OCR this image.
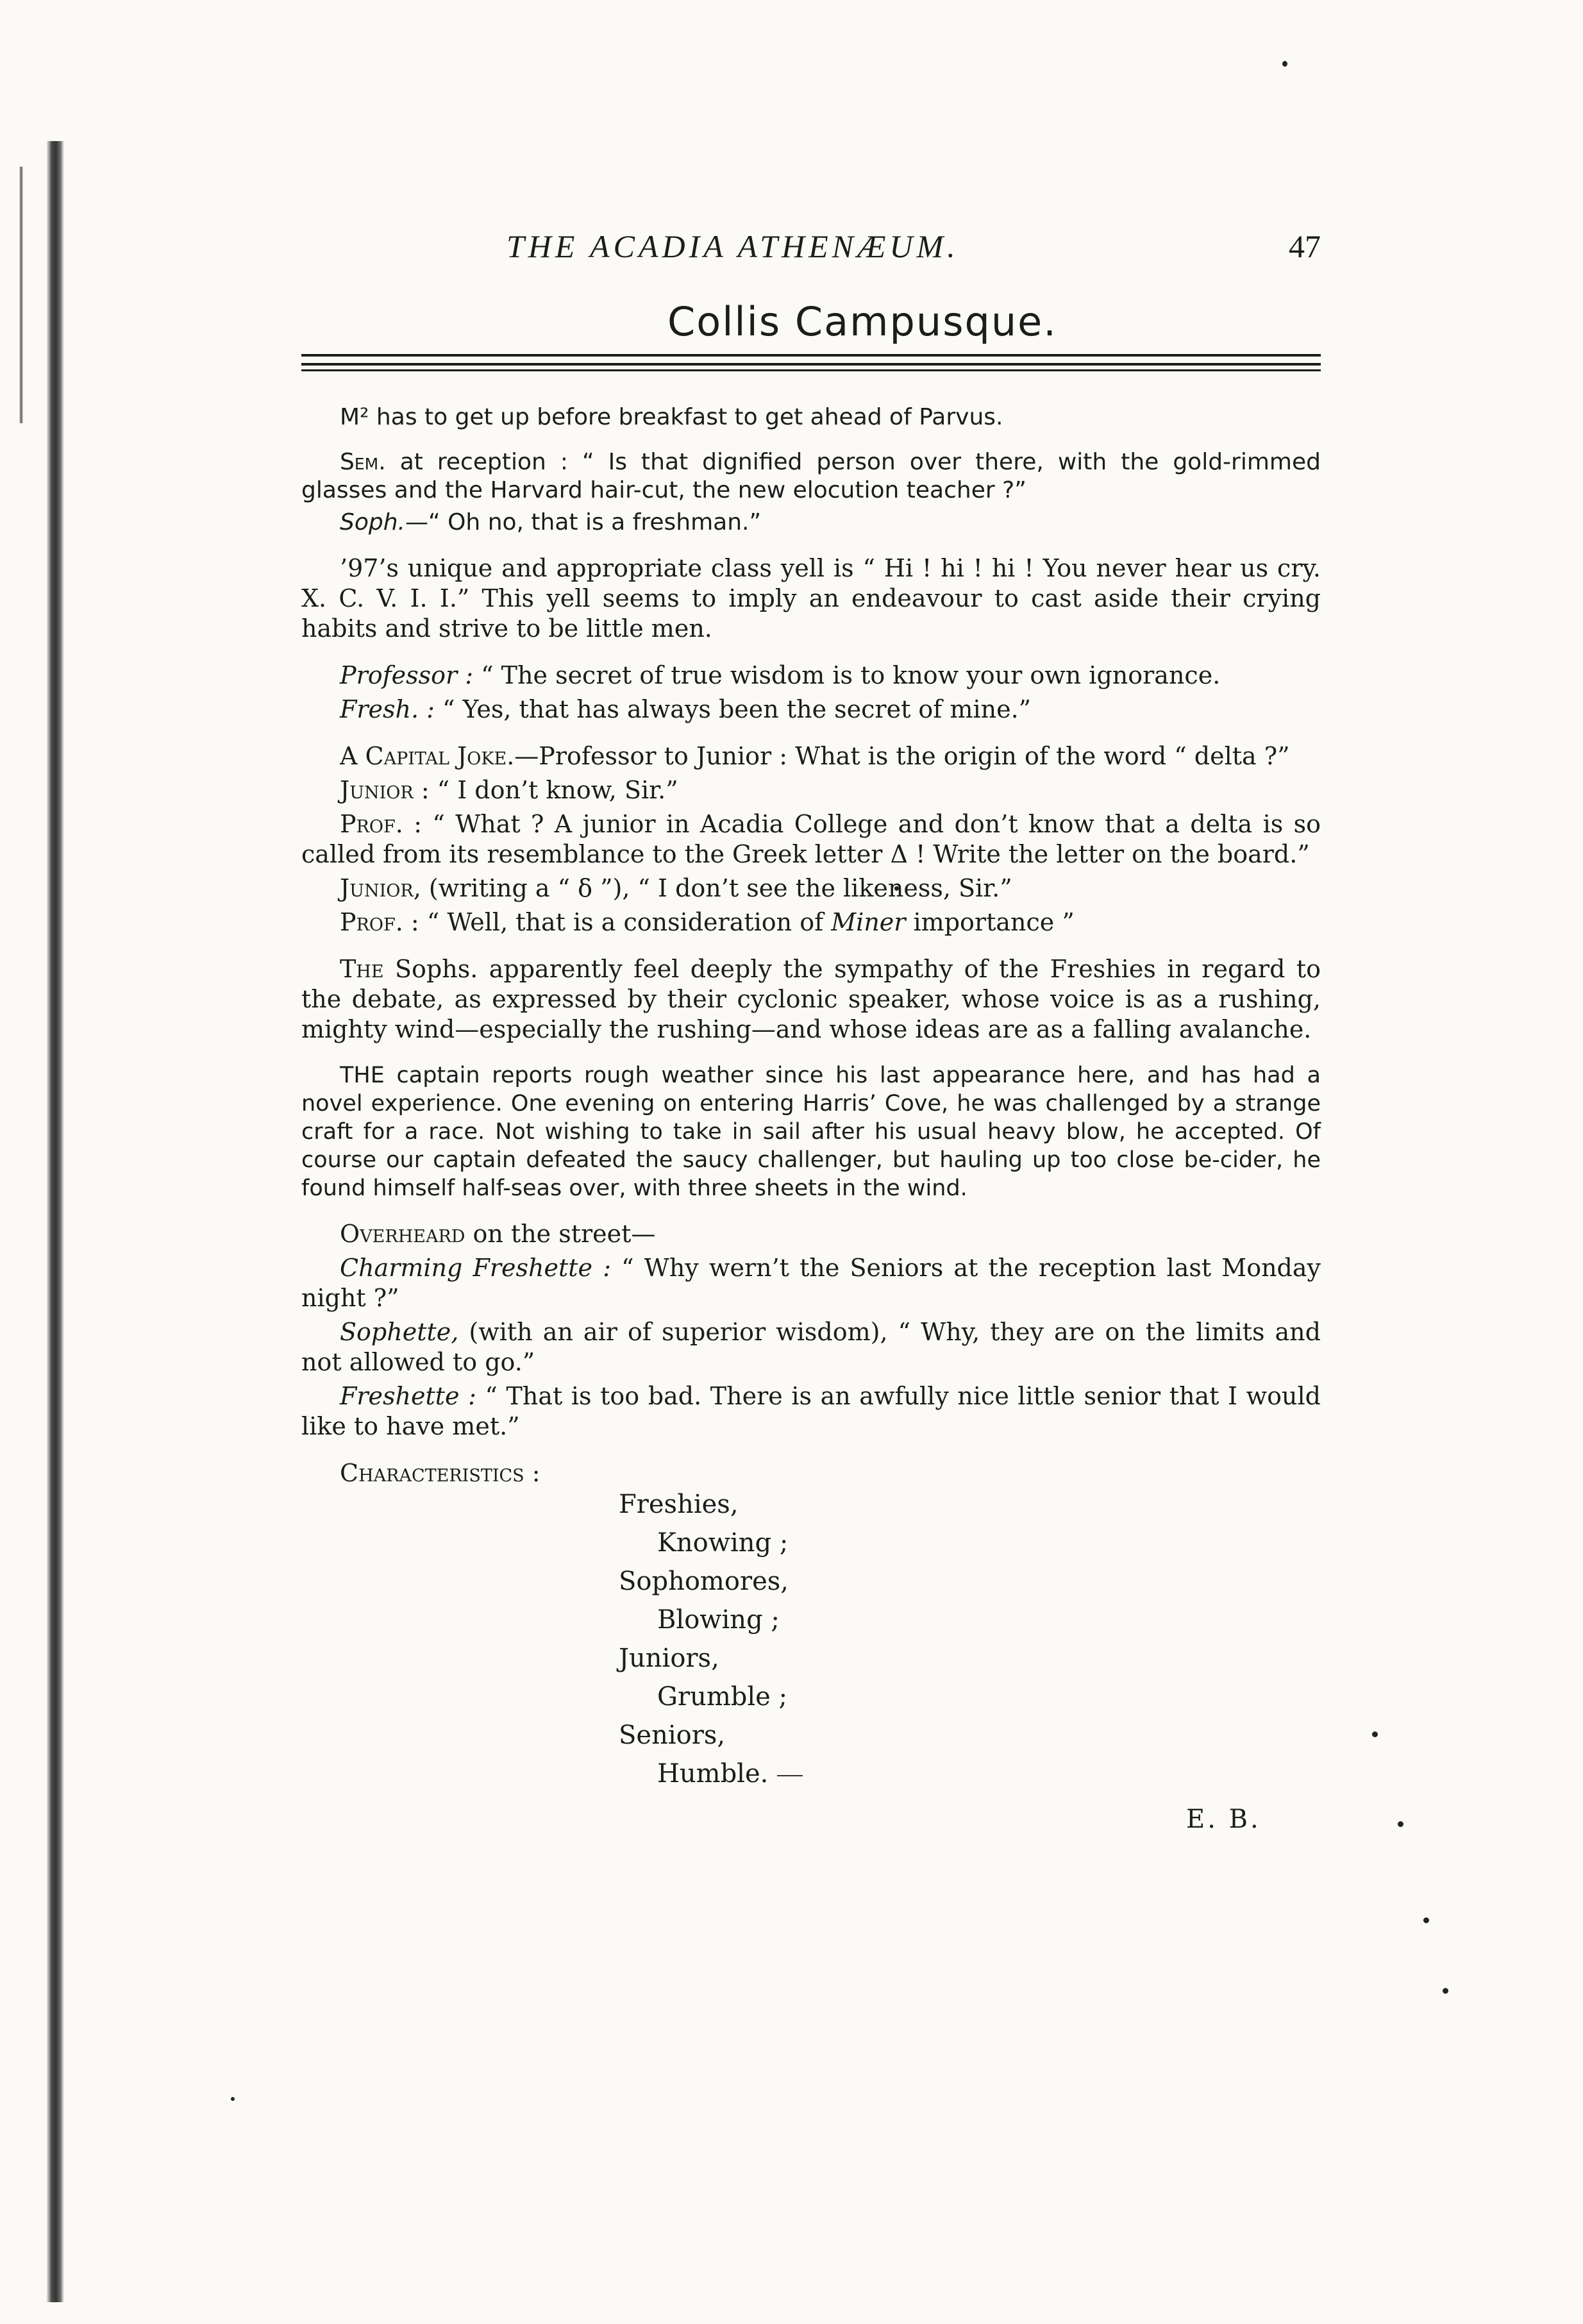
THE ACADIA ATHENÆUM.	47
Collis Campusque.

M² has to get up before breakfast to get ahead of Parvus.

Sem. at reception : “ Is that dignified person over there, with the gold-rimmed glasses and the Harvard hair-cut, the new elocution teacher ?”

Soph.—“ Oh no, that is a freshman.”

’97’s unique and appropriate class yell is “ Hi ! hi ! hi ! You never hear us cry. X. C. V. I. I.” This yell seems to imply an endeavour to cast aside their crying habits and strive to be little men.

Professor : “ The secret of true wisdom is to know your own ignorance.

Fresh. : “ Yes, that has always been the secret of mine.”

A Capital Joke.—Professor to Junior : What is the origin of the word “ delta ?”

Junior : “ I don’t know, Sir.”

Prof. : “ What ? A junior in Acadia College and don’t know that a delta is so called from its resemblance to the Greek letter Δ ! Write the letter on the board.”

Junior, (writing a “ δ ”), “ I don’t see the likeness, Sir.”

Prof. : “ Well, that is a consideration of Miner importance ”

The Sophs. apparently feel deeply the sympathy of the Freshies in regard to the debate, as expressed by their cyclonic speaker, whose voice is as a rushing, mighty wind—especially the rushing—and whose ideas are as a falling avalanche.

THE captain reports rough weather since his last appearance here, and has had a novel experience. One evening on entering Harris’ Cove, he was challenged by a strange craft for a race. Not wishing to take in sail after his usual heavy blow, he accepted. Of course our captain defeated the saucy challenger, but hauling up too close be-cider, he found himself half-seas over, with three sheets in the wind.

Overheard on the street—

Charming Freshette : “ Why wern’t the Seniors at the reception last Monday night ?”

Sophette, (with an air of superior wisdom), “ Why, they are on the limits and not allowed to go.”

Freshette : “ That is too bad. There is an awfully nice little senior that I would like to have met.”

Characteristics :
Freshies,
Knowing ;
Sophomores,
Blowing ;
Juniors,
Grumble ;
Seniors,
Humble.
E. B.
